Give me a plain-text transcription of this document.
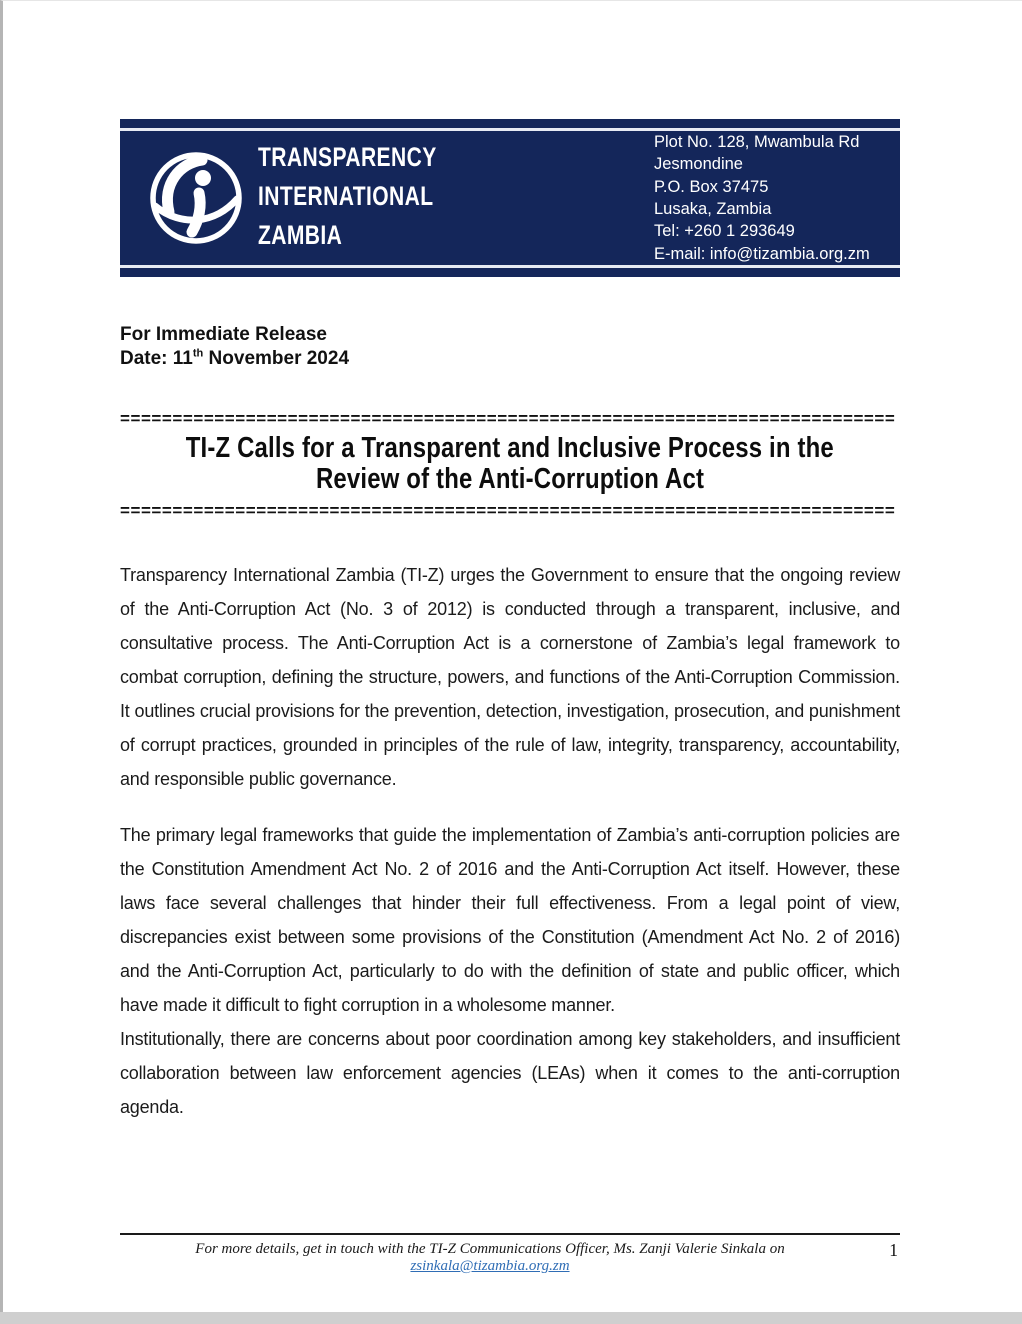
TRANSPARENCY
INTERNATIONAL
ZAMBIA
Plot No. 128, Mwambula Rd
Jesmondine
P.O. Box 37475
Lusaka, Zambia
Tel: +260 1 293649
E-mail: info@tizambia.org.zm
For Immediate Release
Date: 11th November 2024
==========================================================================
TI-Z Calls for a Transparent and Inclusive Process in the
Review of the Anti-Corruption Act
==========================================================================

Transparency International Zambia (TI-Z) urges the Government to ensure that the ongoing review of the Anti-Corruption Act (No. 3 of 2012) is conducted through a transparent, inclusive, and consultative process. The Anti-Corruption Act is a cornerstone of Zambia’s legal framework to combat corruption, defining the structure, powers, and functions of the Anti-Corruption Commission. It outlines crucial provisions for the prevention, detection, investigation, prosecution, and punishment of corrupt practices, grounded in principles of the rule of law, integrity, transparency, accountability, and responsible public governance.

The primary legal frameworks that guide the implementation of Zambia’s anti-corruption policies are the Constitution Amendment Act No. 2 of 2016 and the Anti-Corruption Act itself. However, these laws face several challenges that hinder their full effectiveness. From a legal point of view, discrepancies exist between some provisions of the Constitution (Amendment Act No. 2 of 2016) and the Anti-Corruption Act, particularly to do with the definition of state and public officer, which have made it difficult to fight corruption in a wholesome manner.

Institutionally, there are concerns about poor coordination among key stakeholders, and insufficient collaboration between law enforcement agencies (LEAs) when it comes to the anti-corruption agenda.

For more details, get in touch with the TI-Z Communications Officer, Ms. Zanji Valerie Sinkala on zsinkala@tizambia.org.zm
1
